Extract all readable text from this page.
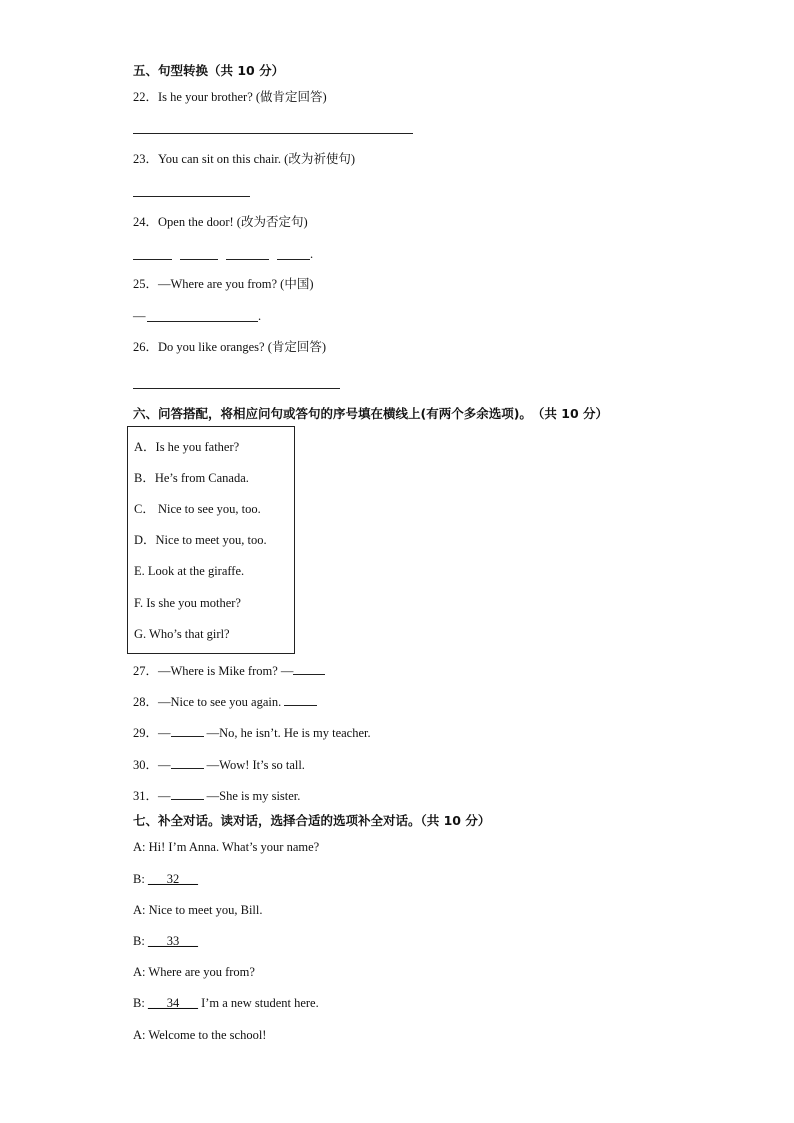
五、句型转换（共 10 分）
22．Is he your brother? (做肯定回答)
23．You can sit on this chair. (改为祈使句)
24．Open the door! (改为否定句)
.
25．—Where are you from? (中国)
—	.
26．Do you like oranges? (肯定回答)
六、问答搭配，将相应问句或答句的序号填在横线上(有两个多余选项)。　（共 10 分）
A．Is he you father?
B．He’s from Canada.
C． Nice to see you, too.
D．Nice to meet you, too.
E. Look at the giraffe.
F. Is she you mother?
G. Who’s that girl?
27．—Where is Mike from? —
28．—Nice to see you again.
29．—	—No, he isn’t. He is my teacher.
30．—	—Wow! It’s so tall.
31．—	—She is my sister.
七、补全对话。读对话，选择合适的选项补全对话。（共 10 分）
A: Hi! I’m Anna. What’s your name?
B: ___32___
A: Nice to meet you, Bill.
B: ___33___
A: Where are you from?
B: ___34___ I’m a new student here.
A: Welcome to the school!
